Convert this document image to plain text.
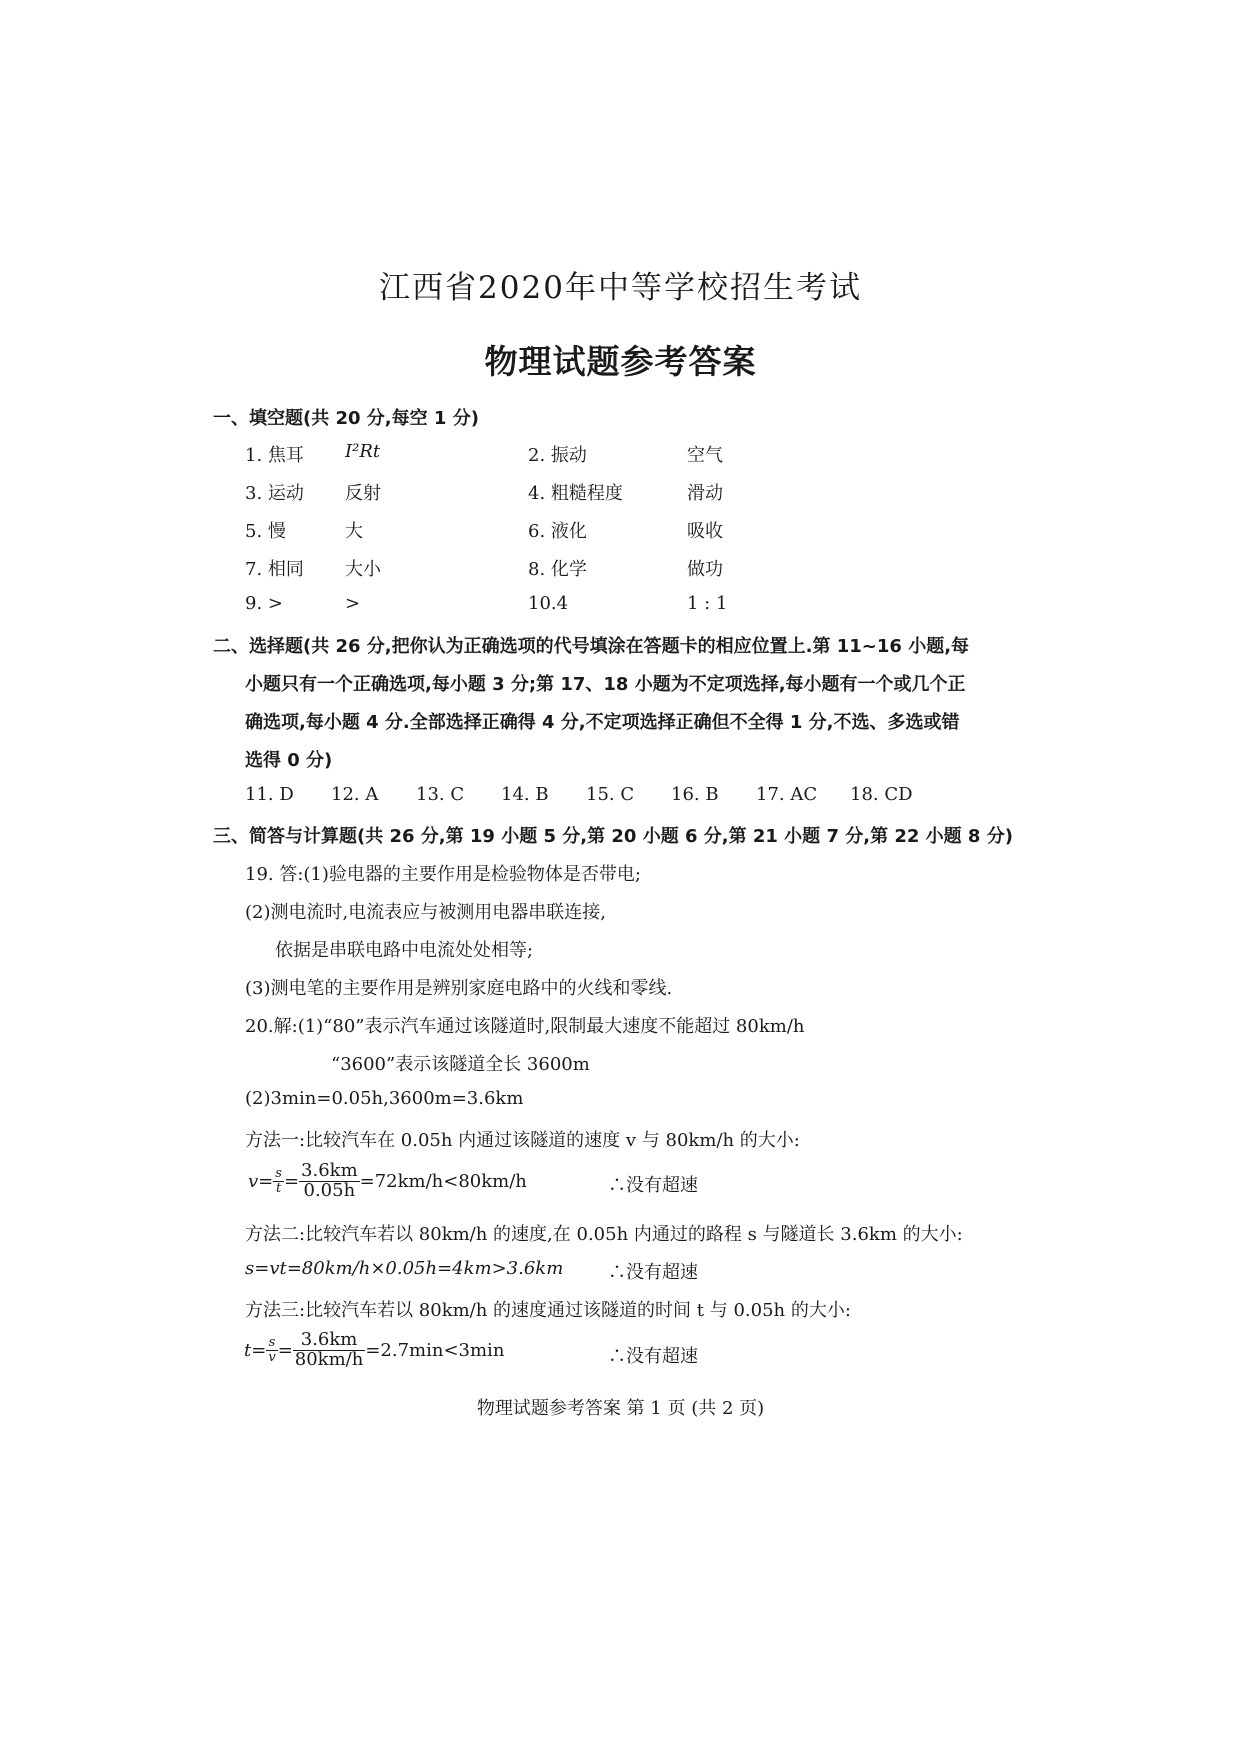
江西省2020年中等学校招生考试
物理试题参考答案
一、填空题(共 20 分,每空 1 分)
1. 焦耳 I²Rt	2. 振动	空气
3. 运动 反射	4. 粗糙程度	滑动
5. 慢	大	6. 液化	吸收
7. 相同 大小	8. 化学	做功
9. >	>	10.4	1 : 1
二、选择题(共 26 分,把你认为正确选项的代号填涂在答题卡的相应位置上.第 11~16 小题,每
小题只有一个正确选项,每小题 3 分;第 17、18 小题为不定项选择,每小题有一个或几个正
确选项,每小题 4 分.全部选择正确得 4 分,不定项选择正确但不全得 1 分,不选、多选或错
选得 0 分)
11. D 12. A 13. C 14. B 15. C 16. B 17. AC 18. CD
三、简答与计算题(共 26 分,第 19 小题 5 分,第 20 小题 6 分,第 21 小题 7 分,第 22 小题 8 分)
19. 答:(1)验电器的主要作用是检验物体是否带电;
(2)测电流时,电流表应与被测用电器串联连接,
依据是串联电路中电流处处相等;
(3)测电笔的主要作用是辨别家庭电路中的火线和零线.
20.解:(1)“80”表示汽车通过该隧道时,限制最大速度不能超过 80km/h
“3600”表示该隧道全长 3600m
(2)3min=0.05h,3600m=3.6km
方法一:比较汽车在 0.05h 内通过该隧道的速度 v 与 80km/h 的大小:
$v= \frac{s}{t} = \frac{3.6km}{0.05h} =72km/h<80km/h$	∴没有超速
方法二:比较汽车若以 80km/h 的速度,在 0.05h 内通过的路程 s 与隧道长 3.6km 的大小:
s=vt=80km/h×0.05h=4km>3.6km ∴没有超速
方法三:比较汽车若以 80km/h 的速度通过该隧道的时间 t 与 0.05h 的大小:
$t= \frac{s}{v} = \frac{3.6km}{80km/h} =2.7\min<3\min$	∴没有超速
物理试题参考答案 第 1 页 (共 2 页)
